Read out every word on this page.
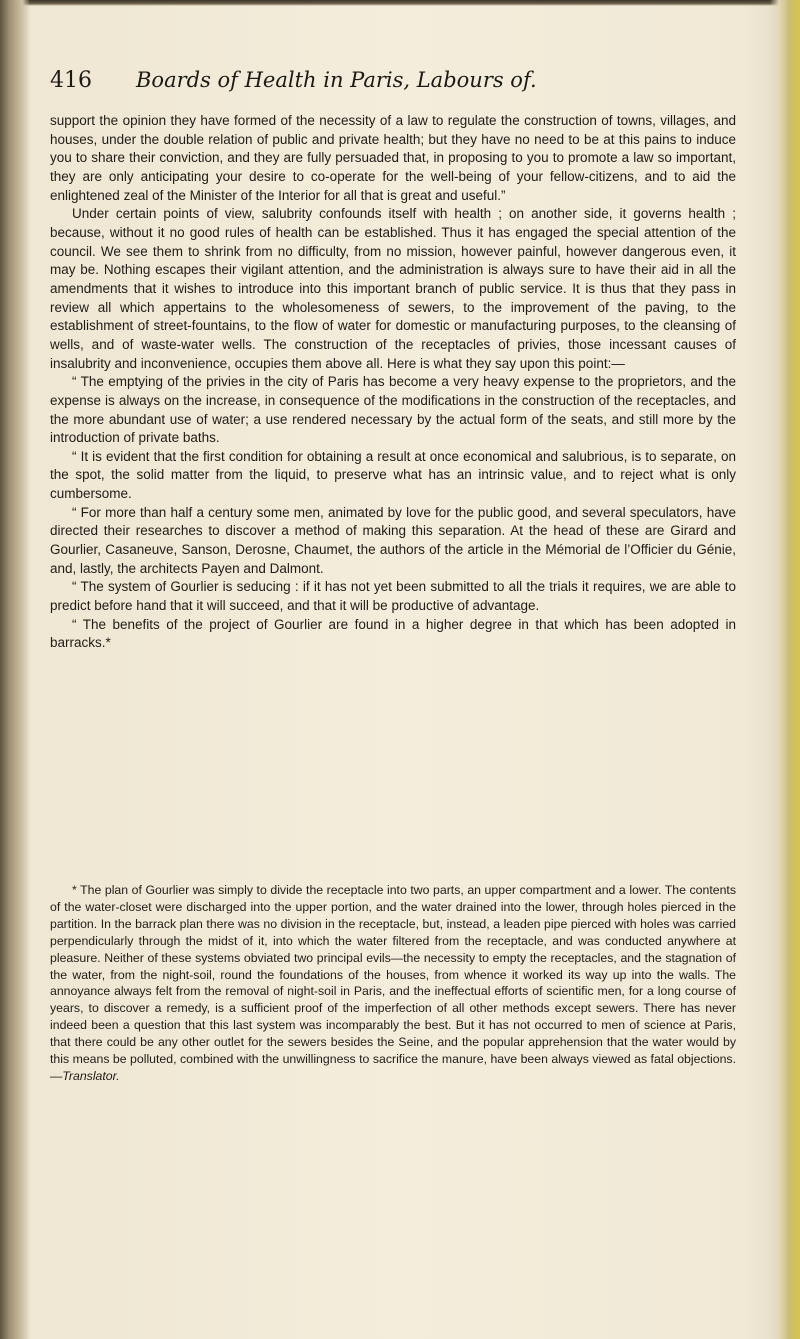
416 Boards of Health in Paris, Labours of.

support the opinion they have formed of the necessity of a law to regulate the construction of towns, villages, and houses, under the double relation of public and private health; but they have no need to be at this pains to induce you to share their conviction, and they are fully persuaded that, in proposing to you to promote a law so important, they are only anticipating your desire to co-operate for the well-being of your fellow-citizens, and to aid the enlightened zeal of the Minister of the Interior for all that is great and useful.”

Under certain points of view, salubrity confounds itself with health ; on another side, it governs health ; because, without it no good rules of health can be established. Thus it has engaged the special attention of the council. We see them to shrink from no difficulty, from no mission, however painful, however dangerous even, it may be. Nothing escapes their vigilant attention, and the administration is always sure to have their aid in all the amendments that it wishes to introduce into this important branch of public service. It is thus that they pass in review all which appertains to the wholesomeness of sewers, to the improvement of the paving, to the establishment of street-fountains, to the flow of water for domestic or manufacturing purposes, to the cleansing of wells, and of waste-water wells. The construction of the receptacles of privies, those incessant causes of insalubrity and inconvenience, occupies them above all. Here is what they say upon this point:—

“ The emptying of the privies in the city of Paris has become a very heavy expense to the proprietors, and the expense is always on the increase, in consequence of the modifications in the construction of the receptacles, and the more abundant use of water; a use rendered necessary by the actual form of the seats, and still more by the introduction of private baths.

“ It is evident that the first condition for obtaining a result at once economical and salubrious, is to separate, on the spot, the solid matter from the liquid, to preserve what has an intrinsic value, and to reject what is only cumbersome.

“ For more than half a century some men, animated by love for the public good, and several speculators, have directed their researches to discover a method of making this separation. At the head of these are Girard and Gourlier, Casaneuve, Sanson, Derosne, Chaumet, the authors of the article in the Mémorial de l’Officier du Génie, and, lastly, the architects Payen and Dalmont.

“ The system of Gourlier is seducing : if it has not yet been submitted to all the trials it requires, we are able to predict before hand that it will succeed, and that it will be productive of advantage.

“ The benefits of the project of Gourlier are found in a higher degree in that which has been adopted in barracks.*

* The plan of Gourlier was simply to divide the receptacle into two parts, an upper compartment and a lower. The contents of the water-closet were discharged into the upper portion, and the water drained into the lower, through holes pierced in the partition. In the barrack plan there was no division in the receptacle, but, instead, a leaden pipe pierced with holes was carried perpendicularly through the midst of it, into which the water filtered from the receptacle, and was conducted anywhere at pleasure. Neither of these systems obviated two principal evils—the necessity to empty the receptacles, and the stagnation of the water, from the night-soil, round the foundations of the houses, from whence it worked its way up into the walls. The annoyance always felt from the removal of night-soil in Paris, and the ineffectual efforts of scientific men, for a long course of years, to discover a remedy, is a sufficient proof of the imperfection of all other methods except sewers. There has never indeed been a question that this last system was incomparably the best. But it has not occurred to men of science at Paris, that there could be any other outlet for the sewers besides the Seine, and the popular apprehension that the water would by this means be polluted, combined with the unwillingness to sacrifice the manure, have been always viewed as fatal objections.—Translator.
